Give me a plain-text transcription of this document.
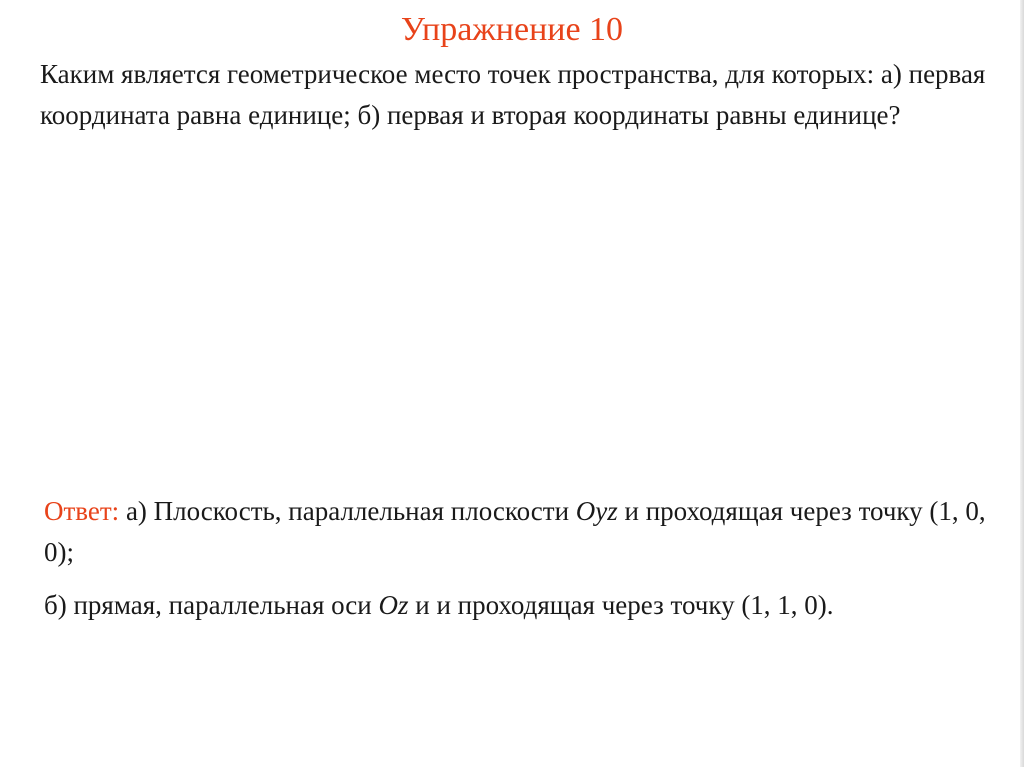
Упражнение 10
Каким является геометрическое место точек пространства, для которых: а) первая координата равна единице; б) первая и вторая координаты равны единице?

Ответ: а) Плоскость, параллельная плоскости Oyz и проходящая через точку (1, 0, 0);

б) прямая, параллельная оси Oz и и проходящая через точку (1, 1, 0).
